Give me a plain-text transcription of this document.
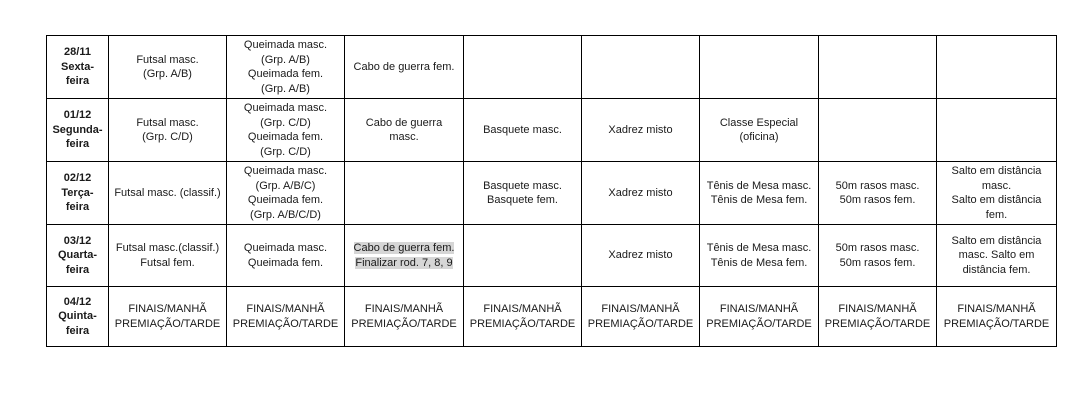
28/11
Sexta-
feira	Futsal masc.
(Grp. A/B)	Queimada masc.
(Grp. A/B)
Queimada fem.
(Grp. A/B)	Cabo de guerra fem.					

01/12
Segunda-
feira	Futsal masc.
(Grp. C/D)	Queimada masc.
(Grp. C/D)
Queimada fem.
(Grp. C/D)	Cabo de guerra
masc.	Basquete masc.	Xadrez misto	Classe Especial
(oficina)		

02/12
Terça-
feira	Futsal masc. (classif.)	Queimada masc.
(Grp. A/B/C)
Queimada fem.
(Grp. A/B/C/D)		Basquete masc.
Basquete fem.	Xadrez misto	Tênis de Mesa masc.
Tênis de Mesa fem.	50m rasos masc.
50m rasos fem.	Salto em distância
masc.
Salto em distância
fem.

03/12
Quarta-
feira	Futsal masc.(classif.)
Futsal fem.	Queimada masc.
Queimada fem.	Cabo de guerra fem.
Finalizar rod. 7, 8, 9		Xadrez misto	Tênis de Mesa masc.
Tênis de Mesa fem.	50m rasos masc.
50m rasos fem.	Salto em distância
masc. Salto em
distância fem.

04/12
Quinta-
feira	FINAIS/MANHÃ
PREMIAÇÃO/TARDE	FINAIS/MANHÃ
PREMIAÇÃO/TARDE	FINAIS/MANHÃ
PREMIAÇÃO/TARDE	FINAIS/MANHÃ
PREMIAÇÃO/TARDE	FINAIS/MANHÃ
PREMIAÇÃO/TARDE	FINAIS/MANHÃ
PREMIAÇÃO/TARDE	FINAIS/MANHÃ
PREMIAÇÃO/TARDE	FINAIS/MANHÃ
PREMIAÇÃO/TARDE
